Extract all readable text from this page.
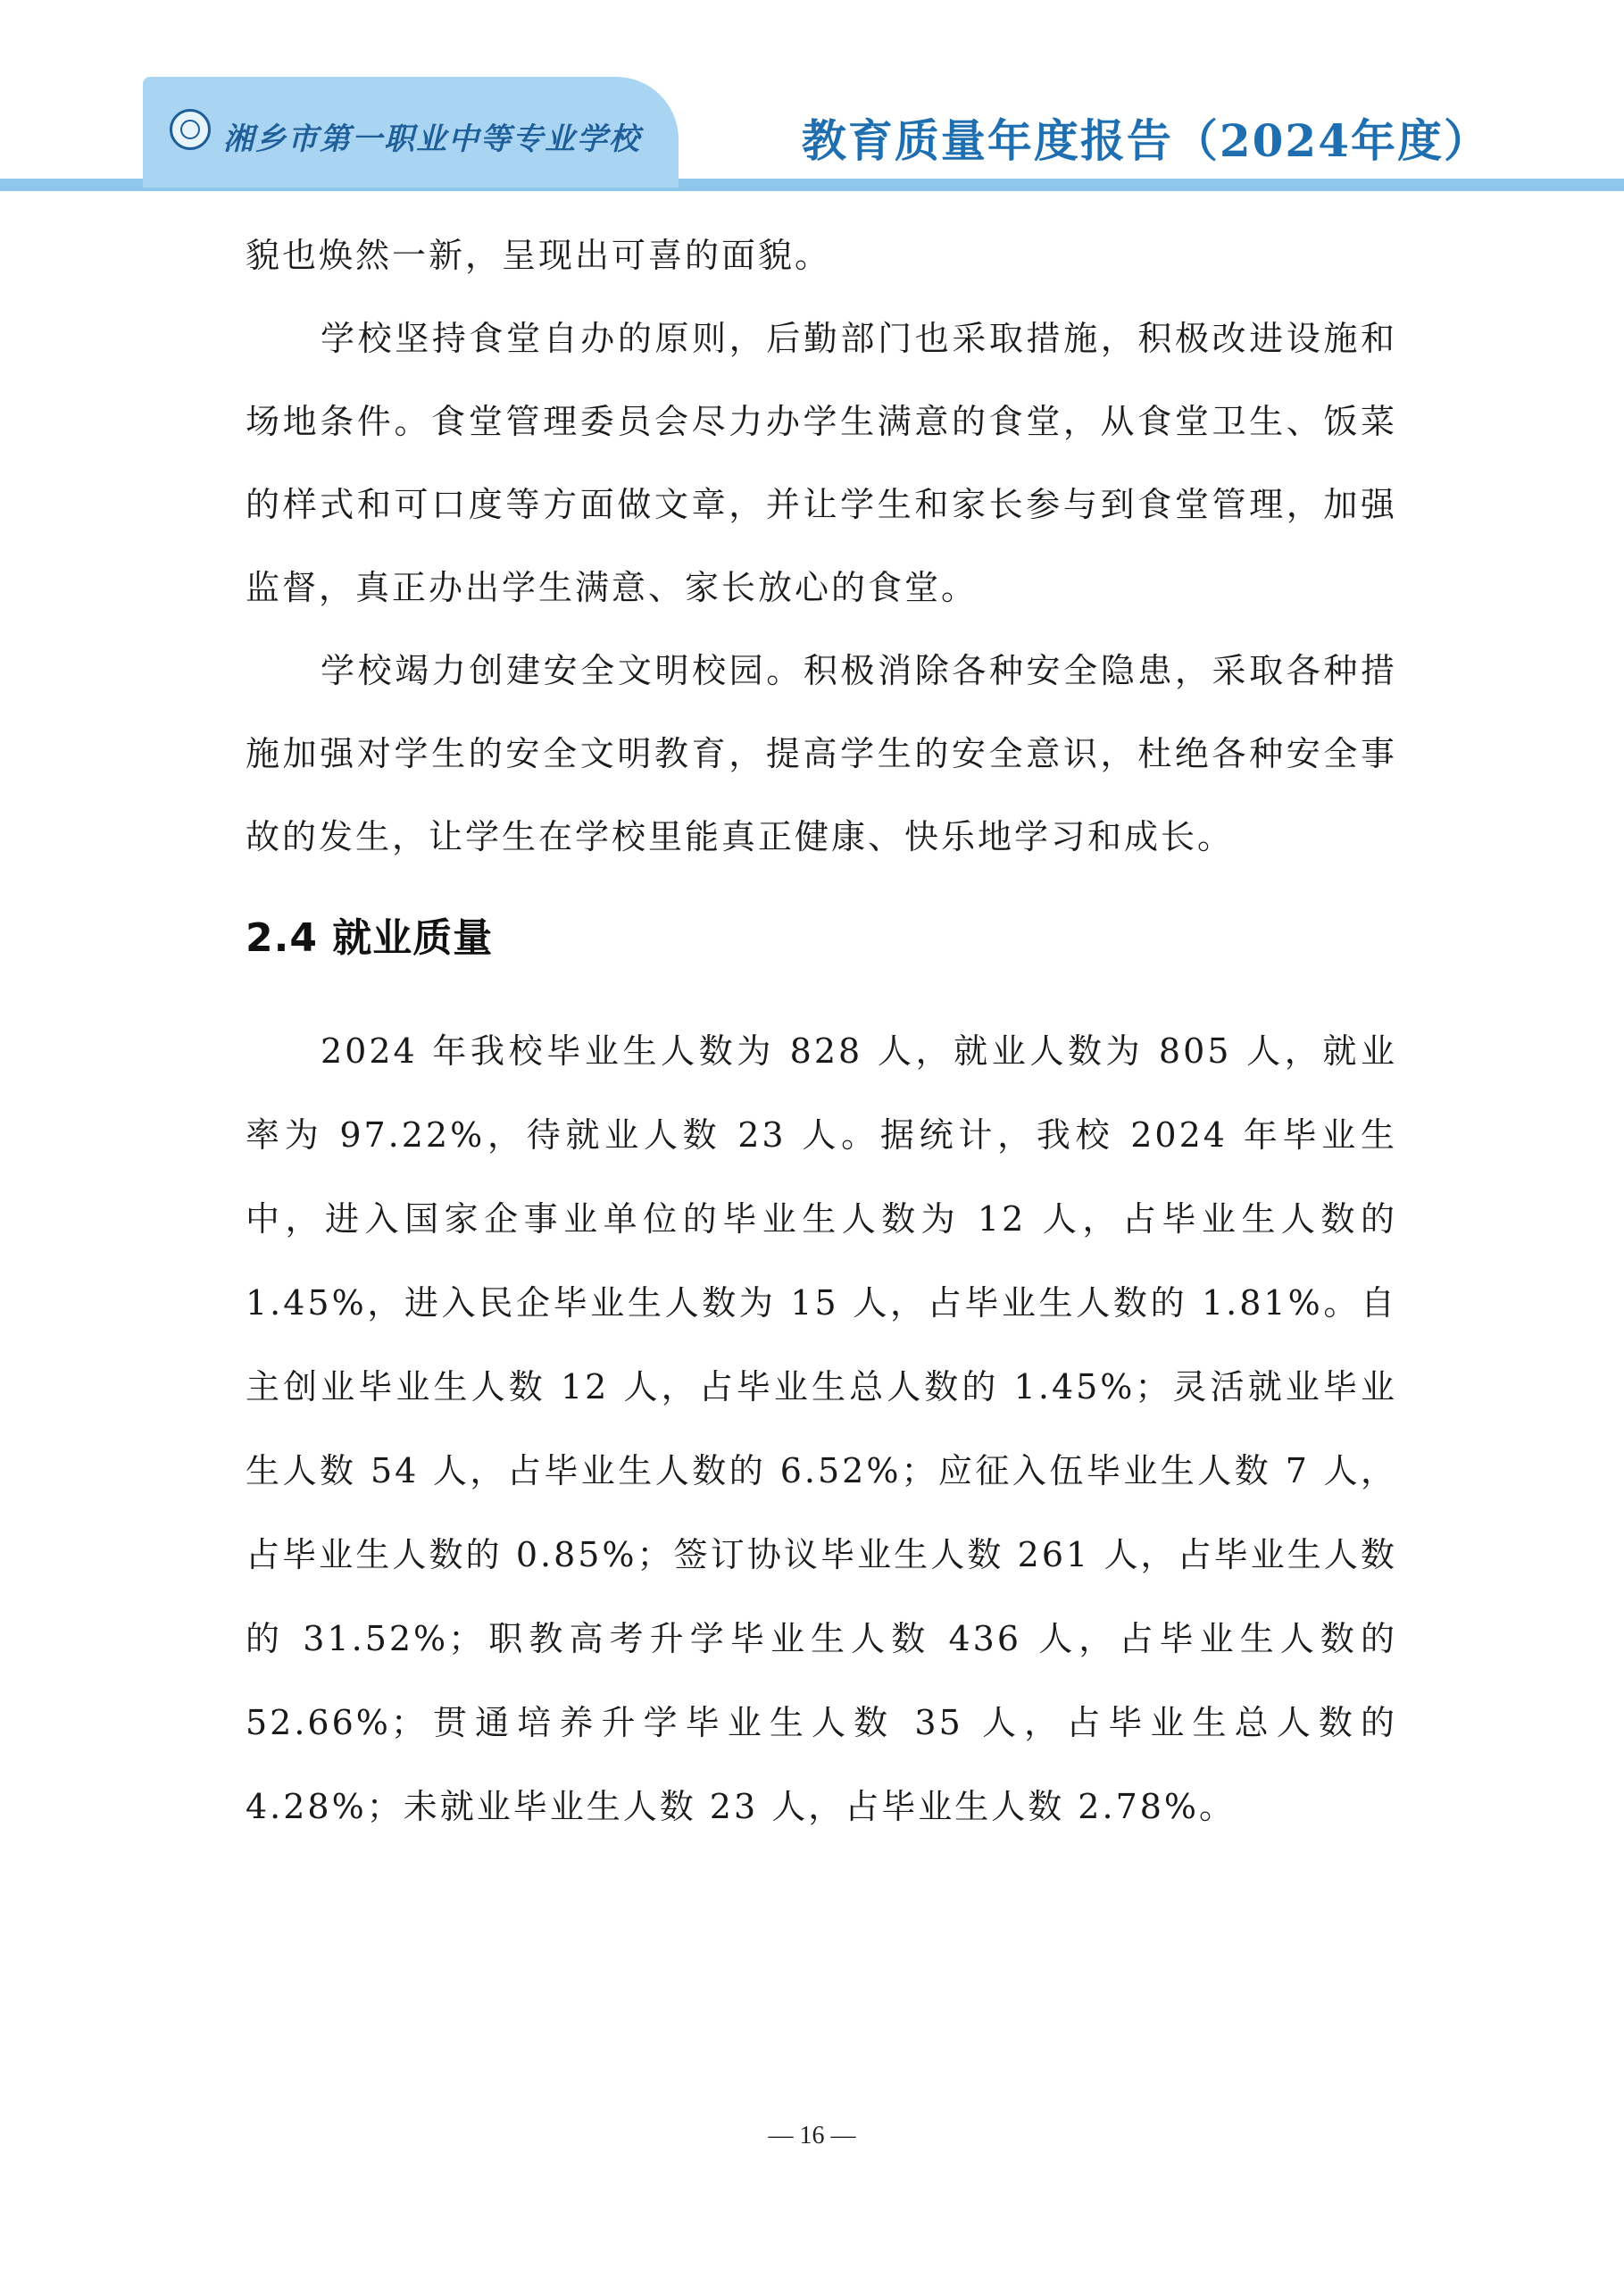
湘乡市第一职业中等专业学校	教育质量年度报告（2024年度）

貌也焕然一新，呈现出可喜的面貌。

学校坚持食堂自办的原则，后勤部门也采取措施，积极改进设施和场地条件。食堂管理委员会尽力办学生满意的食堂，从食堂卫生、饭菜的样式和可口度等方面做文章，并让学生和家长参与到食堂管理，加强监督，真正办出学生满意、家长放心的食堂。

学校竭力创建安全文明校园。积极消除各种安全隐患，采取各种措施加强对学生的安全文明教育，提高学生的安全意识，杜绝各种安全事故的发生，让学生在学校里能真正健康、快乐地学习和成长。

2.4 就业质量

2024 年我校毕业生人数为 828 人，就业人数为 805 人，就业率为 97.22%，待就业人数 23 人。据统计，我校 2024 年毕业生中，进入国家企事业单位的毕业生人数为 12 人，占毕业生人数的 1.45%，进入民企毕业生人数为 15 人，占毕业生人数的 1.81%。自主创业毕业生人数 12 人，占毕业生总人数的 1.45%；灵活就业毕业生人数 54 人，占毕业生人数的 6.52%；应征入伍毕业生人数 7 人，占毕业生人数的 0.85%；签订协议毕业生人数 261 人，占毕业生人数的 31.52%；职教高考升学毕业生人数 436 人，占毕业生人数的 52.66%；贯通培养升学毕业生人数 35 人，占毕业生总人数的 4.28%；未就业毕业生人数 23 人，占毕业生人数 2.78%。

— 16 —
